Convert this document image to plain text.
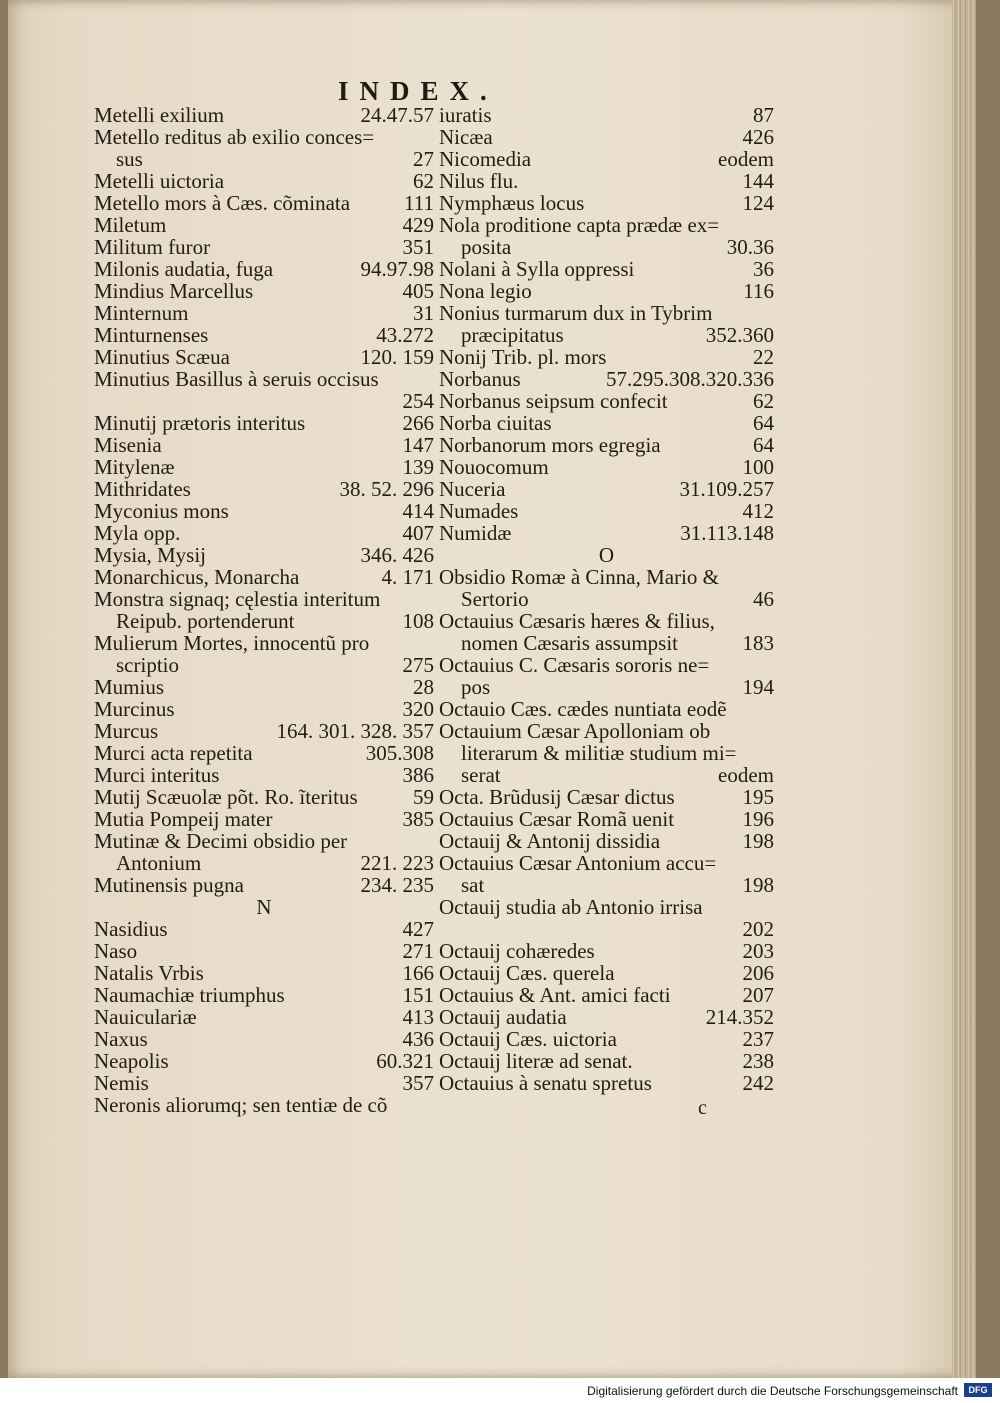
INDEX.
Metelli exilium	24.47.57
Metello reditus ab exilio conces=
sus	27
Metelli uictoria	62
Metello mors à Cæs. cõminata	111
Miletum	429
Militum furor	351
Milonis audatia, fuga	94.97.98
Mindius Marcellus	405
Minternum	31
Minturnenses	43.272
Minutius Scæua	120. 159
Minutius Basillus à seruis occisus
254
Minutij prætoris interitus	266
Misenia	147
Mitylenæ	139
Mithridates	38. 52. 296
Myconius mons	414
Myla opp.	407
Mysia, Mysij	346. 426
Monarchicus, Monarcha	4. 171
Monstra signaq; cęlestia interitum
Reipub. portenderunt	108
Mulierum Mortes, innocentũ pro
scriptio	275
Mumius	28
Murcinus	320
Murcus	164. 301. 328. 357
Murci acta repetita	305.308
Murci interitus	386
Mutij Scæuolæ põt. Ro. ĩteritus	59
Mutia Pompeij mater	385
Mutinæ & Decimi obsidio per
Antonium	221. 223
Mutinensis pugna	234. 235
N
Nasidius	427
Naso	271
Natalis Vrbis	166
Naumachiæ triumphus	151
Nauiculariæ	413
Naxus	436
Neapolis	60.321
Nemis	357
Neronis aliorumq; sen tentiæ de cõ
iuratis	87
Nicæa	426
Nicomedia	eodem
Nilus flu.	144
Nymphæus locus	124
Nola proditione capta prædæ ex=
posita	30.36
Nolani à Sylla oppressi	36
Nona legio	116
Nonius turmarum dux in Tybrim
præcipitatus	352.360
Nonij Trib. pl. mors	22
Norbanus	57.295.308.320.336
Norbanus seipsum confecit	62
Norba ciuitas	64
Norbanorum mors egregia	64
Nouocomum	100
Nuceria	31.109.257
Numades	412
Numidæ	31.113.148
O
Obsidio Romæ à Cinna, Mario &
Sertorio	46
Octauius Cæsaris hæres & filius,
nomen Cæsaris assumpsit	183
Octauius C. Cæsaris sororis ne=
pos	194
Octauio Cæs. cædes nuntiata eodẽ
Octauium Cæsar Apolloniam ob
literarum & militiæ studium mi=
serat	eodem
Octa. Brũdusij Cæsar dictus	195
Octauius Cæsar Romã uenit	196
Octauij & Antonij dissidia	198
Octauius Cæsar Antonium accu=
sat	198
Octauij studia ab Antonio irrisa
202
Octauij cohæredes	203
Octauij Cæs. querela	206
Octauius & Ant. amici facti	207
Octauij audatia	214.352
Octauij Cæs. uictoria	237
Octauij literæ ad senat.	238
Octauius à senatu spretus	242
c
Digitalisierung gefördert durch die Deutsche Forschungsgemeinschaft	DFG
